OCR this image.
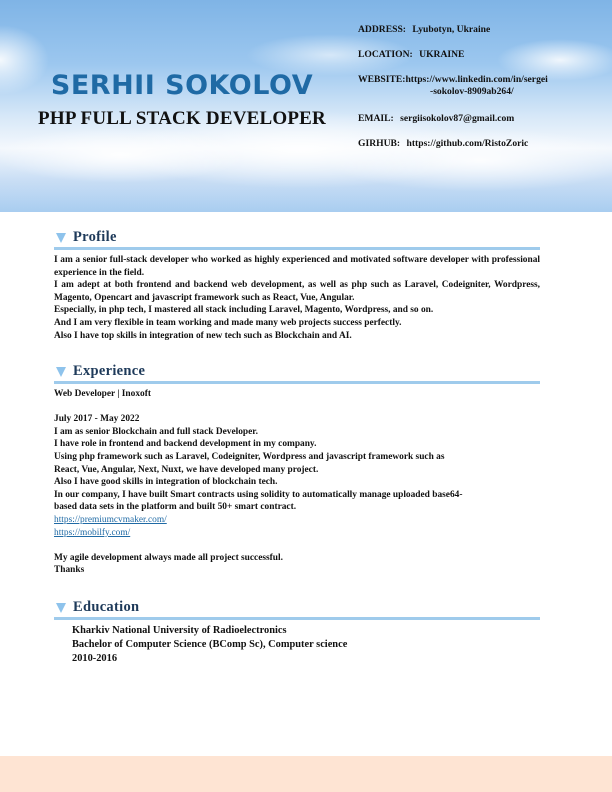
SERHII SOKOLOV
PHP FULL STACK DEVELOPER
ADDRESS: Lyubotyn, Ukraine
LOCATION: UKRAINE
WEBSITE:https://www.linkedin.com/in/sergei
-sokolov-8909ab264/
EMAIL: sergiisokolov87@gmail.com
GIRHUB: https://github.com/RistoZoric
Profile
I am a senior full-stack developer who worked as highly experienced and motivated software developer with professional experience in the field.
I am adept at both frontend and backend web development, as well as php such as Laravel, Codeigniter, Wordpress, Magento, Opencart and javascript framework such as React, Vue, Angular.
Especially, in php tech, I mastered all stack including Laravel, Magento, Wordpress, and so on.
And I am very flexible in team working and made many web projects success perfectly.
Also I have top skills in integration of new tech such as Blockchain and AI.
Experience
Web Developer | Inoxoft
July 2017 - May 2022
I am as senior Blockchain and full stack Developer.
I have role in frontend and backend development in my company.
Using php framework such as Laravel, Codeigniter, Wordpress and javascript framework such as
React, Vue, Angular, Next, Nuxt, we have developed many project.
Also I have good skills in integration of blockchain tech.
In our company, I have built Smart contracts using solidity to automatically manage uploaded base64-
based data sets in the platform and built 50+ smart contract.
https://premiumcvmaker.com/
https://mobilfy.com/
My agile development always made all project successful.
Thanks
Education
Kharkiv National University of Radioelectronics
Bachelor of Computer Science (BComp Sc), Computer science
2010-2016
